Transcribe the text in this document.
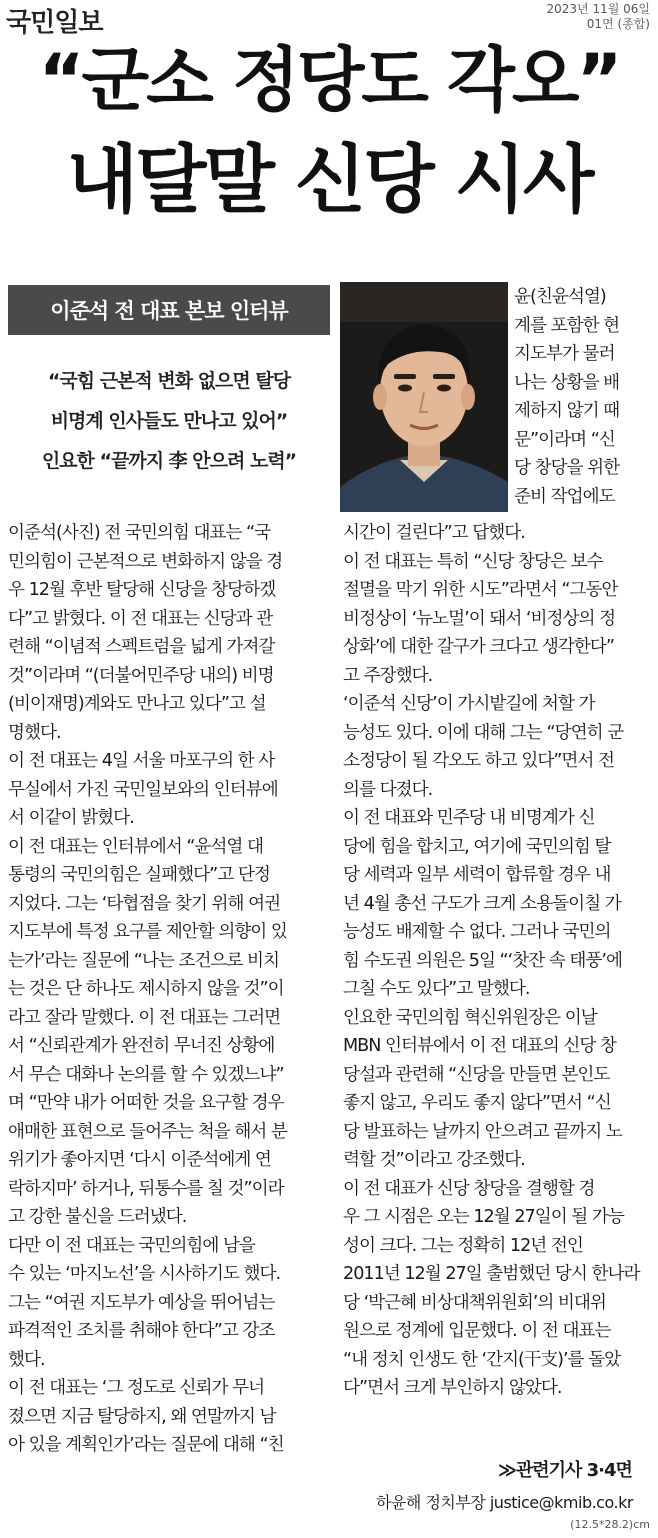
국민일보	2023년 11월 06일
01면 (종합)
“군소 정당도 각오”
내달말 신당 시사
이준석 전 대표 본보 인터뷰
“국힘 근본적 변화 없으면 탈당
비명계 인사들도 만나고 있어”
인요한 “끝까지 李 안으려 노력”
윤(친윤석열)
계를 포함한 현
지도부가 물러
나는 상황을 배
제하지 않기 때
문”이라며 “신
당 창당을 위한
준비 작업에도
이준석(사진) 전 국민의힘 대표는 “국
민의힘이 근본적으로 변화하지 않을 경
우 12월 후반 탈당해 신당을 창당하겠
다”고 밝혔다. 이 전 대표는 신당과 관
련해 “이념적 스펙트럼을 넓게 가져갈
것”이라며 “(더불어민주당 내의) 비명
(비이재명)계와도 만나고 있다”고 설
명했다.
이 전 대표는 4일 서울 마포구의 한 사
무실에서 가진 국민일보와의 인터뷰에
서 이같이 밝혔다.
이 전 대표는 인터뷰에서 “윤석열 대
통령의 국민의힘은 실패했다”고 단정
지었다. 그는 ‘타협점을 찾기 위해 여권
지도부에 특정 요구를 제안할 의향이 있
는가’라는 질문에 “나는 조건으로 비치
는 것은 단 하나도 제시하지 않을 것”이
라고 잘라 말했다. 이 전 대표는 그러면
서 “신뢰관계가 완전히 무너진 상황에
서 무슨 대화나 논의를 할 수 있겠느냐”
며 “만약 내가 어떠한 것을 요구할 경우
애매한 표현으로 들어주는 척을 해서 분
위기가 좋아지면 ‘다시 이준석에게 연
락하지마’ 하거나, 뒤통수를 칠 것”이라
고 강한 불신을 드러냈다.
다만 이 전 대표는 국민의힘에 남을
수 있는 ‘마지노선’을 시사하기도 했다.
그는 “여권 지도부가 예상을 뛰어넘는
파격적인 조치를 취해야 한다”고 강조
했다.
이 전 대표는 ‘그 정도로 신뢰가 무너
졌으면 지금 탈당하지, 왜 연말까지 남
아 있을 계획인가’라는 질문에 대해 “친
시간이 걸린다”고 답했다.
이 전 대표는 특히 “신당 창당은 보수
절멸을 막기 위한 시도”라면서 “그동안
비정상이 ‘뉴노멀’이 돼서 ‘비정상의 정
상화’에 대한 갈구가 크다고 생각한다”
고 주장했다.
‘이준석 신당’이 가시밭길에 처할 가
능성도 있다. 이에 대해 그는 “당연히 군
소정당이 될 각오도 하고 있다”면서 전
의를 다졌다.
이 전 대표와 민주당 내 비명계가 신
당에 힘을 합치고, 여기에 국민의힘 탈
당 세력과 일부 세력이 합류할 경우 내
년 4월 총선 구도가 크게 소용돌이칠 가
능성도 배제할 수 없다. 그러나 국민의
힘 수도권 의원은 5일 “‘찻잔 속 태풍’에
그칠 수도 있다”고 말했다.
인요한 국민의힘 혁신위원장은 이날
MBN 인터뷰에서 이 전 대표의 신당 창
당설과 관련해 “신당을 만들면 본인도
좋지 않고, 우리도 좋지 않다”면서 “신
당 발표하는 날까지 안으려고 끝까지 노
력할 것”이라고 강조했다.
이 전 대표가 신당 창당을 결행할 경
우 그 시점은 오는 12월 27일이 될 가능
성이 크다. 그는 정확히 12년 전인
2011년 12월 27일 출범했던 당시 한나라
당 ‘박근혜 비상대책위원회’의 비대위
원으로 정계에 입문했다. 이 전 대표는
“내 정치 인생도 한 ‘간지(干支)’를 돌았
다”면서 크게 부인하지 않았다.
≫관련기사 3·4면
하윤해 정치부장 justice@kmib.co.kr
(12.5*28.2)cm
